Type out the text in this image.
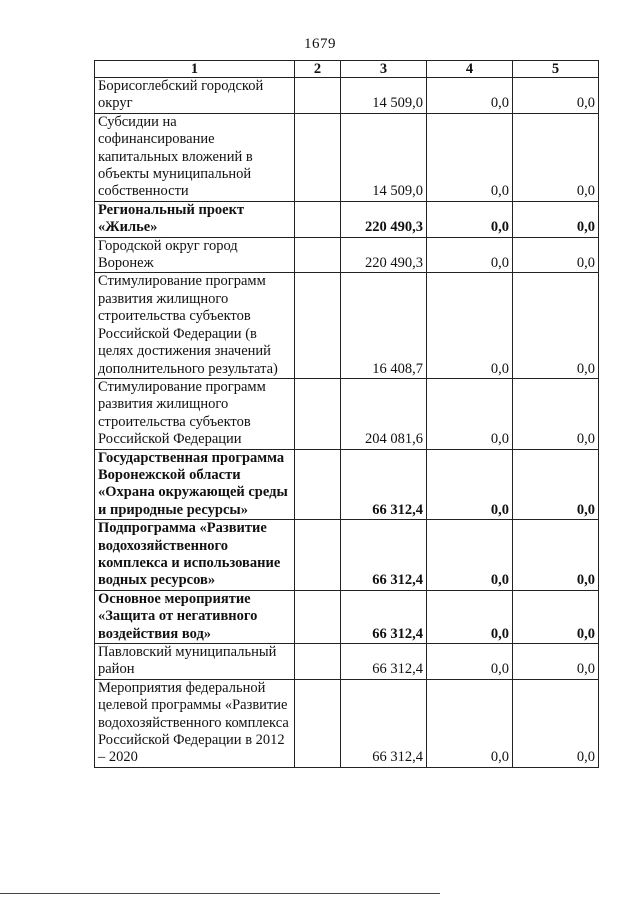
1679
1	2	3	4	5
Борисоглебский городской округ		14 509,0	0,0	0,0
Субсидии на софинансирование капитальных вложений в объекты муниципальной собственности		14 509,0	0,0	0,0
Региональный проект «Жилье»		220 490,3	0,0	0,0
Городской округ город Воронеж		220 490,3	0,0	0,0
Стимулирование программ развития жилищного строительства субъектов Российской Федерации (в целях достижения значений дополнительного результата)		16 408,7	0,0	0,0
Стимулирование программ развития жилищного строительства субъектов Российской Федерации		204 081,6	0,0	0,0
Государственная программа Воронежской области «Охрана окружающей среды и природные ресурсы»		66 312,4	0,0	0,0
Подпрограмма «Развитие водохозяйственного комплекса и использование водных ресурсов»		66 312,4	0,0	0,0
Основное мероприятие «Защита от негативного воздействия вод»		66 312,4	0,0	0,0
Павловский муниципальный район		66 312,4	0,0	0,0
Мероприятия федеральной целевой программы «Развитие водохозяйственного комплекса Российской Федерации в 2012 – 2020		66 312,4	0,0	0,0
